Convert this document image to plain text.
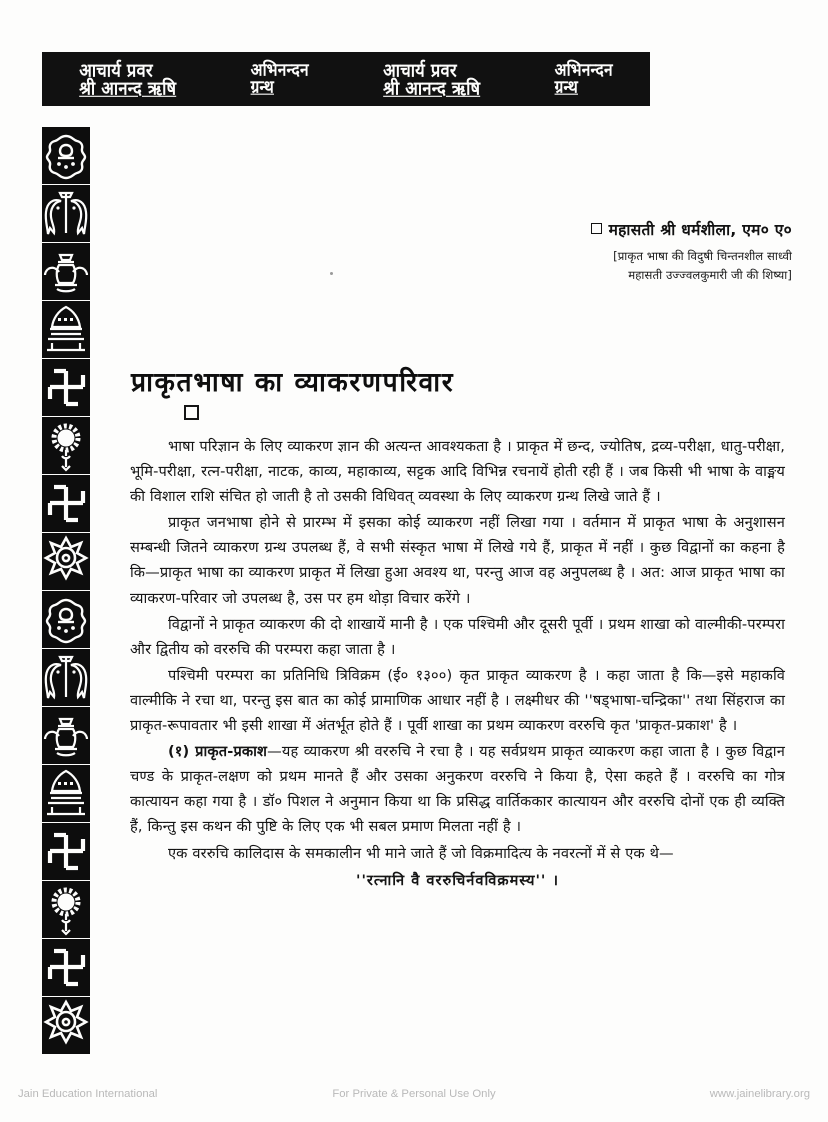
आचार्य प्रवर
श्री आनन्द ऋषि
अभिनन्दन
ग्रन्थ
आचार्य प्रवर
श्री आनन्द ऋषि
अभिनन्दन
ग्रन्थ
महासती श्री धर्मशीला, एम० ए०
[प्राकृत भाषा की विदुषी चिन्तनशील साध्वी
महासती उज्ज्वलकुमारी जी की शिष्या]
प्राकृतभाषा का व्याकरणपरिवार

भाषा परिज्ञान के लिए व्याकरण ज्ञान की अत्यन्त आवश्यकता है । प्राकृत में छन्द, ज्योतिष, द्रव्य-परीक्षा, धातु-परीक्षा, भूमि-परीक्षा, रत्न-परीक्षा, नाटक, काव्य, महाकाव्य, सट्टक आदि विभिन्न रचनायें होती रही हैं । जब किसी भी भाषा के वाङ्मय की विशाल राशि संचित हो जाती है तो उसकी विधिवत् व्यवस्था के लिए व्याकरण ग्रन्थ लिखे जाते हैं ।

प्राकृत जनभाषा होने से प्रारम्भ में इसका कोई व्याकरण नहीं लिखा गया । वर्तमान में प्राकृत भाषा के अनुशासन सम्बन्धी जितने व्याकरण ग्रन्थ उपलब्ध हैं, वे सभी संस्कृत भाषा में लिखे गये हैं, प्राकृत में नहीं । कुछ विद्वानों का कहना है कि—प्राकृत भाषा का व्याकरण प्राकृत में लिखा हुआ अवश्य था, परन्तु आज वह अनुपलब्ध है । अत: आज प्राकृत भाषा का व्याकरण-परिवार जो उपलब्ध है, उस पर हम थोड़ा विचार करेंगे ।

विद्वानों ने प्राकृत व्याकरण की दो शाखायें मानी है । एक पश्चिमी और दूसरी पूर्वी । प्रथम शाखा को वाल्मीकी-परम्परा और द्वितीय को वररुचि की परम्परा कहा जाता है ।

पश्चिमी परम्परा का प्रतिनिधि त्रिविक्रम (ई० १३००) कृत प्राकृत व्याकरण है । कहा जाता है कि—इसे महाकवि वाल्मीकि ने रचा था, परन्तु इस बात का कोई प्रामाणिक आधार नहीं है । लक्ष्मीधर की ''षड्भाषा-चन्द्रिका'' तथा सिंहराज का प्राकृत-रूपावतार भी इसी शाखा में अंतर्भूत होते हैं । पूर्वी शाखा का प्रथम व्याकरण वररुचि कृत 'प्राकृत-प्रकाश' है ।

(१) प्राकृत-प्रकाश—यह व्याकरण श्री वररुचि ने रचा है । यह सर्वप्रथम प्राकृत व्याकरण कहा जाता है । कुछ विद्वान चण्ड के प्राकृत-लक्षण को प्रथम मानते हैं और उसका अनुकरण वररुचि ने किया है, ऐसा कहते हैं । वररुचि का गोत्र कात्यायन कहा गया है । डॉ० पिशल ने अनुमान किया था कि प्रसिद्ध वार्तिककार कात्यायन और वररुचि दोनों एक ही व्यक्ति हैं, किन्तु इस कथन की पुष्टि के लिए एक भी सबल प्रमाण मिलता नहीं है ।

एक वररुचि कालिदास के समकालीन भी माने जाते हैं जो विक्रमादित्य के नवरत्नों में से एक थे—
''रत्नानि वै वररुचिर्नववि​क्रमस्य'' ।

Jain Education International	For Private & Personal Use Only	www.jainelibrary.org
